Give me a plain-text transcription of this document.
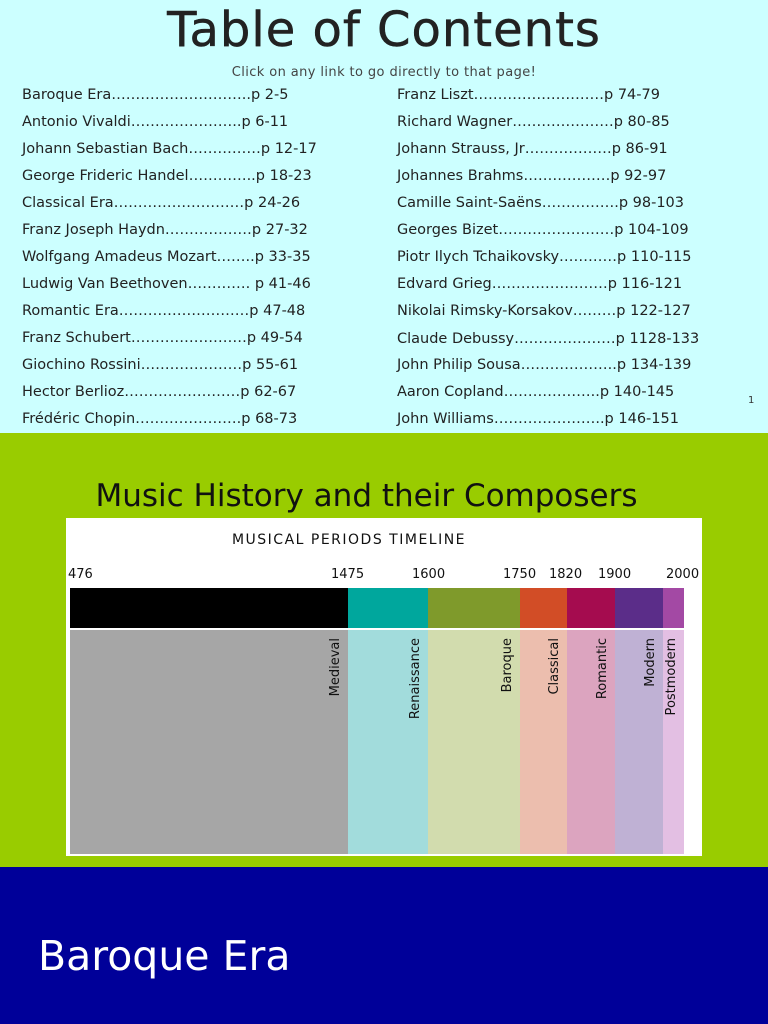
Table of Contents
Click on any link to go directly to that page!
Baroque Era………………………..p 2-5
Antonio Vivaldi…………………..p 6-11
Johann Sebastian Bach……………p 12-17
George Frideric Handel…………..p 18-23
Classical Era………………………p 24-26
Franz Joseph Haydn………………p 27-32
Wolfgang Amadeus Mozart……..p 33-35
Ludwig Van Beethoven…………. p 41-46
Romantic Era………………………p 47-48
Franz Schubert……………………p 49-54
Giochino Rossini…………………p 55-61
Hector Berlioz……………………p 62-67
Frédéric Chopin………………….p 68-73
Franz Liszt………………………p 74-79
Richard Wagner…………………p 80-85
Johann Strauss, Jr………………p 86-91
Johannes Brahms………………p 92-97
Camille Saint-Saëns…………….p 98-103
Georges Bizet……………………p 104-109
Piotr Ilych Tchaikovsky…………p 110-115
Edvard Grieg……………………p 116-121
Nikolai Rimsky-Korsakov………p 122-127
Claude Debussy…………………p 1128-133
John Philip Sousa………………..p 134-139
Aaron Copland………………..p 140-145
John Williams…………………..p 146-151
1
Music History and their Composers
MUSICAL PERIODS TIMELINE
476	1475	1600	1750 1820 1900	2000
Medieval	Renaissance	Baroque Classical	Romantic	Modern Postmodern
Baroque Era
